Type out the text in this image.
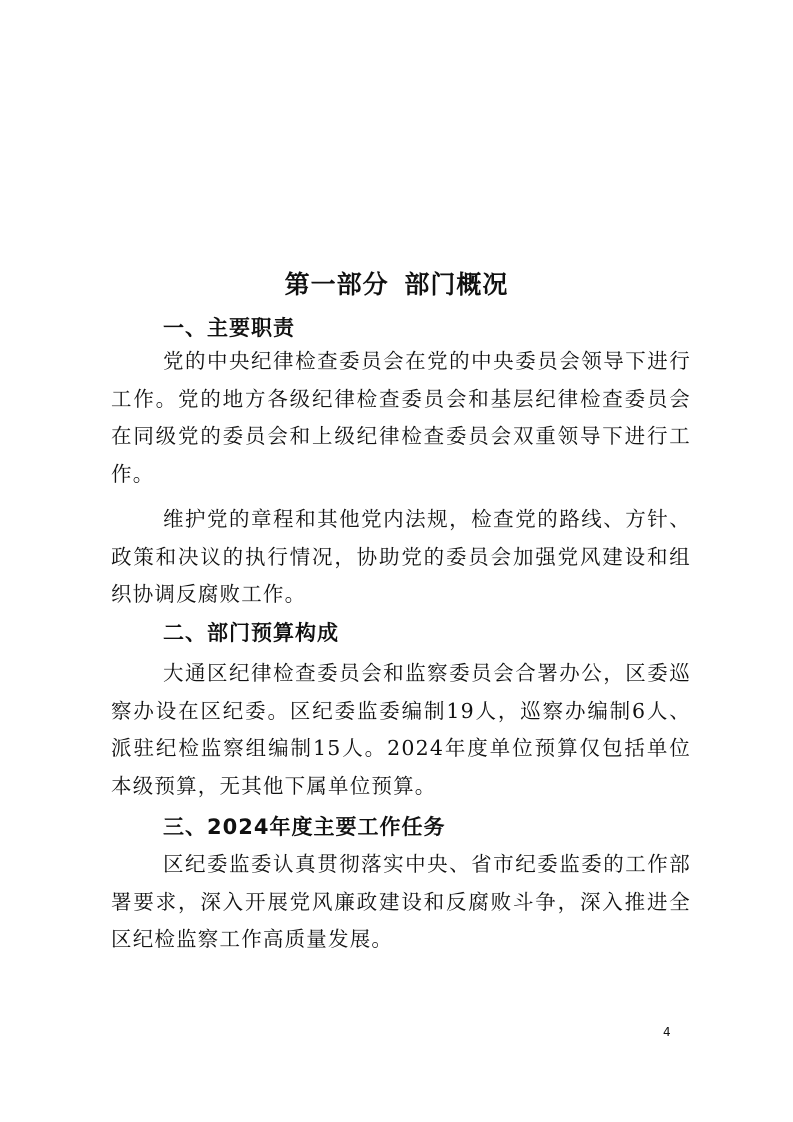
第一部分 部门概况
一、主要职责

党的中央纪律检查委员会在党的中央委员会领导下进行工作。党的地方各级纪律检查委员会和基层纪律检查委员会在同级党的委员会和上级纪律检查委员会双重领导下进行工作。

维护党的章程和其他党内法规，检查党的路线、方针、政策和决议的执行情况，协助党的委员会加强党风建设和组织协调反腐败工作。

二、部门预算构成

大通区纪律检查委员会和监察委员会合署办公，区委巡察办设在区纪委。区纪委监委编制19人，巡察办编制6人、派驻纪检监察组编制15人。2024年度单位预算仅包括单位本级预算，无其他下属单位预算。

三、2024年度主要工作任务

区纪委监委认真贯彻落实中央、省市纪委监委的工作部署要求，深入开展党风廉政建设和反腐败斗争，深入推进全区纪检监察工作高质量发展。

4
